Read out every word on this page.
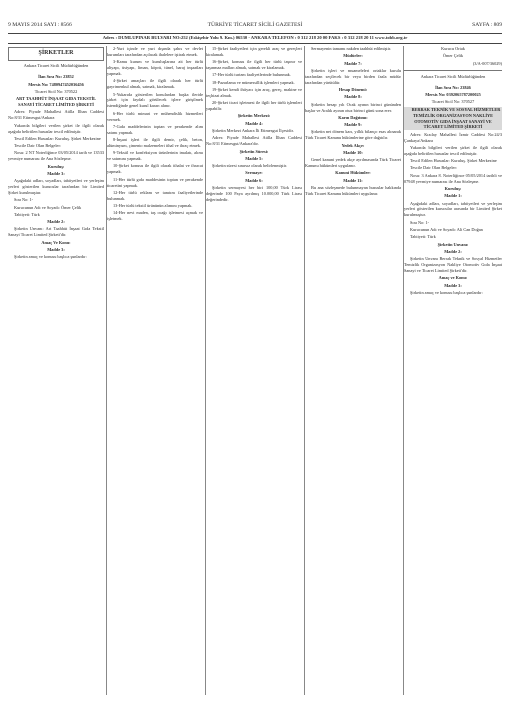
9 MAYIS 2014 SAYI : 8566	TÜRKİYE TİCARET SİCİLİ GAZETESİ	SAYFA : 809
Adres : DUMLUPINAR BULVARI NO:252 (Eskişehir Yolu 9. Km.) 06530 - ANKARA TELEFON : 0 312 218 20 00 FAKS : 0 312 218 20 11 www.tobb.org.tr
ŞİRKETLER
Ankara Ticaret Sicili Müdürlüğünden
İlan Sıra No: 23852
Mersis No: 7480947452036456
Ticaret Sicil No: 370522
ART TAAHHÜT İNŞAAT GIDA TEKSTİL SANAYİ TİCARET LİMİTED ŞİRKETİ
Adres: Piyade Mahallesi Atilla Ilhan Caddesi No:8/31 Etimesgut/Ankara
Yukarıda bilgileri verilen şirket ile ilgili olarak aşağıda belirtilen hususlar tescil edilmiştir.
Tescil Edilen Hususlar: Kuruluş. Şirket Merkezine
Tescile Dair Olan Belgeler:
Nosu: 2 NT Noterliğince 03/05/2014 tarih ve 13533 yevmiye numarası ile Ana Sözleşme.
Kuruluş:
Madde 3:
Aşağıdaki adları, soyadları, tabiiyetleri ve yerleşim yerleri gösterilen kurucular tarafından bir Limited Şirket kurulmuştur.
Sıra No: 1-
Kurucunun Adı ve Soyadı: Ömer Çelik
Tabiiyeti: Türk
Madde 2:
Şirketin Unvanı: Art Taahhüt İnşaat Gıda Tekstil Sanayi Ticaret Limited Şirketi'dir.
Amaç Ve Konu:
Madde 3:
Şirketin amaç ve konusu başlıca şunlardır:
2-Yurt içinde ve yurt dışında şahıs ve devlet kurumları tarafından açılacak ihalelere iştirak etmek.
3-Kamu kurum ve kuruluşlarına ait her türlü altyapı, üstyapı, liman, köprü, tünel, baraj inşaatları yapmak.
4-Şirket amaçları ile ilgili olarak her türlü gayrimenkul almak, satmak, kiralamak.
5-Yukarıda gösterilen konulardan başka ileride şirket için faydalı görülecek işlere girişilmek istendiğinde genel kurul kararı alınır.
6-Her türlü mimari ve mühendislik hizmetleri vermek.
7-Gıda maddelerinin toptan ve perakende alım satımı yapmak.
8-İnşaat işleri ile ilgili demir, çelik, beton, alüminyum, çimento malzemeleri ithal ve ihraç etmek.
9-Tekstil ve konfeksiyon ürünlerinin imalatı, alımı ve satımını yapmak.
10-Şirket konusu ile ilgili olarak ithalat ve ihracat yapmak.
11-Her türlü gıda maddesinin toptan ve perakende ticaretini yapmak.
12-Her türlü reklam ve tanıtım faaliyetlerinde bulunmak.
13-Her türlü tekstil ürününün alımını yapmak.
14-Her nevi maden, taş ocağı işletmesi açmak ve işletmek.
15-Şirket faaliyetleri için gerekli araç ve gereçleri kiralamak.
16-Şirket, konusu ile ilgili her türlü taşınır ve taşınmaz malları almak, satmak ve kiralamak.
17-Her türlü turizm faaliyetlerinde bulunmak.
18-Pazarlama ve mümessillik işlemleri yapmak.
19-Şirket kendi ihtiyacı için araç, gereç, makine ve teçhizat almak.
20-Şirket ticari işletmesi ile ilgili her türlü işlemleri yapabilir.
Şirketin Merkezi:
Madde 4:
Şirketin Merkezi Ankara İli Etimesgut İlçesidir.
Adres: Piyade Mahallesi Atilla İlhan Caddesi No:8/31 Etimesgut/Ankara'dır.
Şirketin Süresi:
Madde 5:
Şirketin süresi sınırsız olarak belirlenmiştir.
Sermaye:
Madde 6:
Şirketin sermayesi her biri 100,00 Türk Lirası değerinde 100 Paya ayrılmış 10.000,00 Türk Lirası değerindedir.
Sermayenin tamamı nakden taahhüt edilmiştir.
Müdürler:
Madde 7:
Şirketin işleri ve muameleleri ortaklar kurulu tarafından seçilecek bir veya birden fazla müdür tarafından yürütülür.
Hesap Dönemi:
Madde 8:
Şirketin hesap yılı Ocak ayının birinci gününden başlar ve Aralık ayının otuz birinci günü sona erer.
Karın Dağıtımı:
Madde 9:
Şirketin net dönem karı, yıllık bilanço esas alınarak Türk Ticaret Kanunu hükümlerine göre dağıtılır.
Yedek Akçe:
Madde 10:
Genel kanuni yedek akçe ayrılmasında Türk Ticaret Kanunu hükümleri uygulanır.
Kanuni Hükümler:
Madde 11:
Bu ana sözleşmede bulunmayan hususlar hakkında Türk Ticaret Kanunu hükümleri uygulanır.
Kurucu Ortak
Ömer Çelik
(3/A-007/36029)
Ankara Ticaret Sicili Müdürlüğünden
İlan Sıra No: 23846
Mersis No: 0392065787200025
Ticaret Sicil No: 370527
BERRAK TEKNİK VE SOSYAL HİZMETLER TEMİZLİK ORGANİZASYON NAKLİYE OTOMOTİV GIDA İNŞAAT SANAYİ VE TİCARET LİMİTED ŞİRKETİ
Adres: Kızılay Mahallesi İzmir Caddesi No:24/3 Çankaya/Ankara
Yukarıda bilgileri verilen şirket ile ilgili olarak aşağıda belirtilen hususlar tescil edilmiştir.
Tescil Edilen Hususlar: Kuruluş. Şirket Merkezine
Tescile Dair Olan Belgeler:
Nosu: 3 Ankara 8. Noterliğince 05/05/2014 tarihli ve 07948 yevmiye numarası ile Ana Sözleşme.
Kuruluş:
Madde 1:
Aşağıdaki adları, soyadları, tabiiyetleri ve yerleşim yerleri gösterilen kurucular arasında bir Limited Şirket kurulmuştur.
Sıra No: 1-
Kurucunun Adı ve Soyadı: Ali Can Doğan
Tabiiyeti: Türk
Şirketin Unvanı:
Madde 2:
Şirketin Unvanı Berrak Teknik ve Sosyal Hizmetler Temizlik Organizasyon Nakliye Otomotiv Gıda İnşaat Sanayi ve Ticaret Limited Şirketi'dir.
Amaç ve Konu:
Madde 3:
Şirketin amaç ve konusu başlıca şunlardır:
